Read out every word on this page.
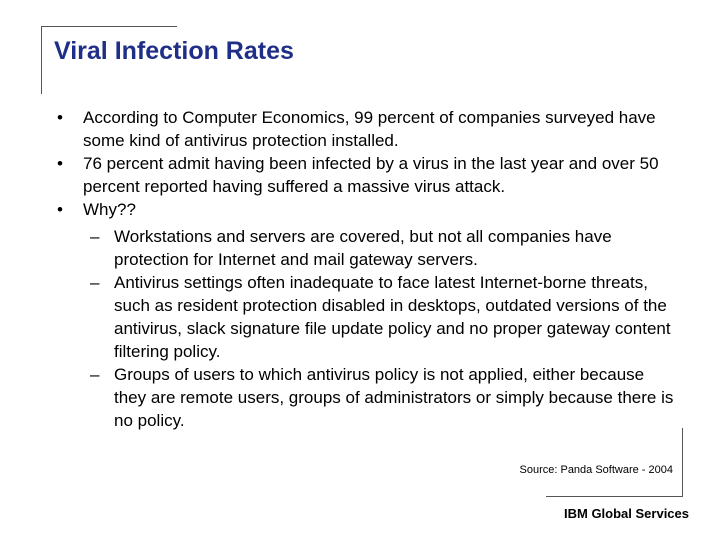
Viral Infection Rates
• According to Computer Economics, 99 percent of companies surveyed have some kind of antivirus protection installed.
• 76 percent admit having been infected by a virus in the last year and over 50 percent reported having suffered a massive virus attack.
• Why??
– Workstations and servers are covered, but not all companies have protection for Internet and mail gateway servers.
– Antivirus settings often inadequate to face latest Internet-borne threats, such as resident protection disabled in desktops, outdated versions of the antivirus, slack signature file update policy and no proper gateway content filtering policy.
– Groups of users to which antivirus policy is not applied, either because they are remote users, groups of administrators or simply because there is no policy.
Source: Panda Software - 2004
IBM Global Services
